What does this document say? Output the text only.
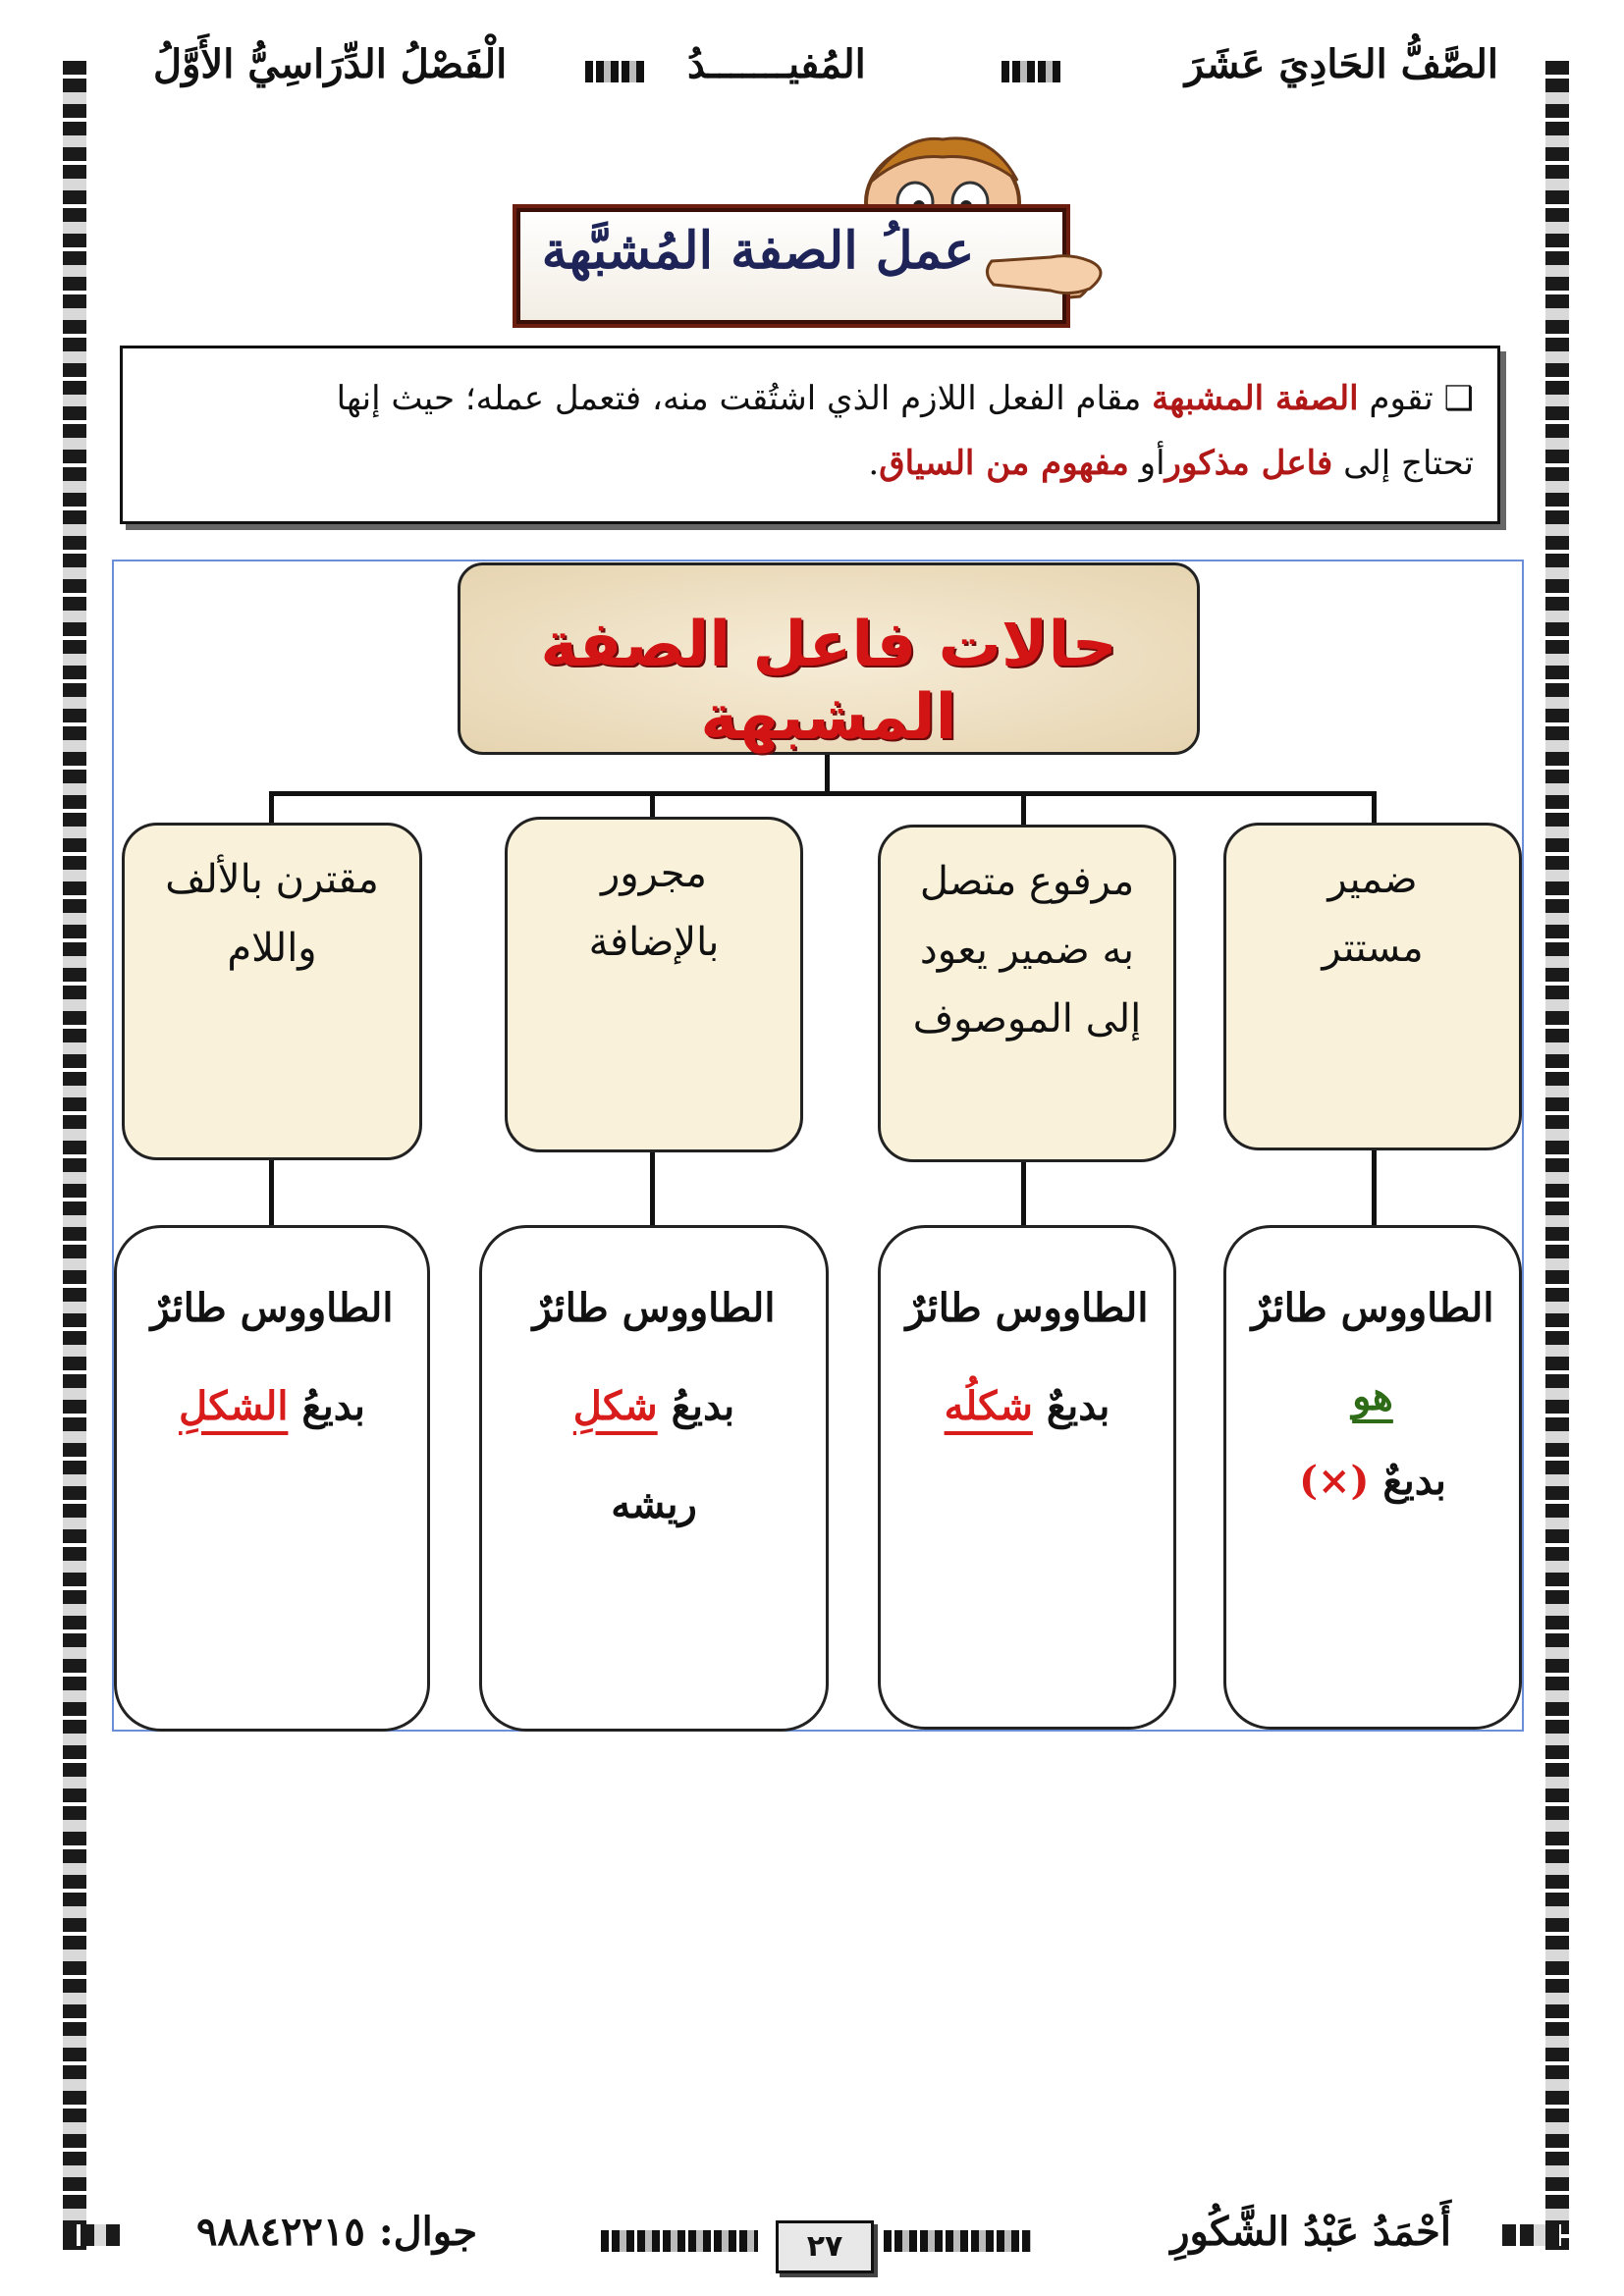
الصَّفُّ الحَادِيَ عَشَرَ
المُفيـــــــدُ
الْفَصْلُ الدِّرَاسِيُّ الأَوَّلُ
عملُ الصفة المُشبَّهة
❑ تقوم الصفة المشبهة مقام الفعل اللازم الذي اشتُقت منه، فتعمل عمله؛ حيث إنها
تحتاج إلى فاعل مذكورأو مفهوم من السياق.
حالات فاعل الصفة المشبهة
ضمير
مستتر
مرفوع متصل
به ضمير يعود
إلى الموصوف
مجرور
بالإضافة
مقترن بالألف
واللام
الطاووس طائرٌ
هو
بديعٌ (×)
الطاووس طائرٌ
بديعٌ شكلُه
الطاووس طائرٌ
بديعُ شكلِ
ريشه
الطاووس طائرٌ
بديعُ الشكلِ
أَحْمَدُ عَبْدُ الشَّكُورِ
٢٧
جوال: ٩٨٨٤٢٢١٥
